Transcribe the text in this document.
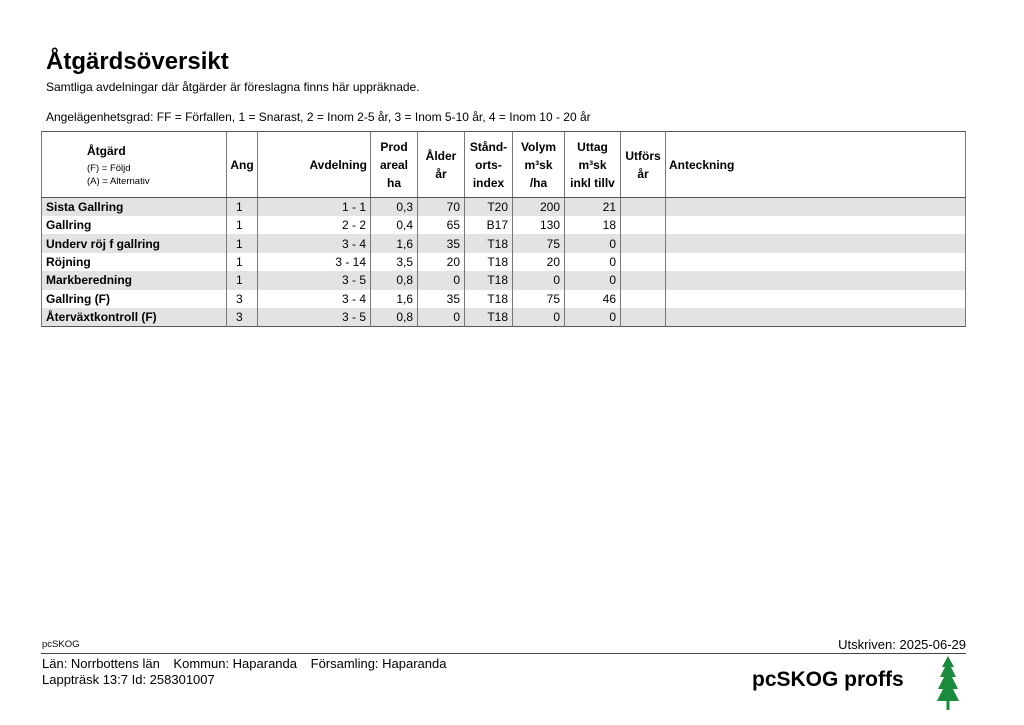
Åtgärdsöversikt
Samtliga avdelningar där åtgärder är föreslagna finns här uppräknade.
Angelägenhetsgrad: FF = Förfallen, 1 = Snarast, 2 = Inom 2-5 år, 3 = Inom 5-10 år, 4 = Inom 10 - 20 år
Åtgärd
(F) = Följd
(A) = Alternativ	Ang	Avdelning	Prod
areal
ha	Ålder
år	Stånd-
orts-
index	Volym
m³sk
/ha	Uttag
m³sk
inkl tillv	Utförs
år	Anteckning
Sista Gallring	1	1 - 1	0,3	70	T20	200	21		
Gallring	1	2 - 2	0,4	65	B17	130	18		
Underv röj f gallring	1	3 - 4	1,6	35	T18	75	0		
Röjning	1	3 - 14	3,5	20	T18	20	0		
Markberedning	1	3 - 5	0,8	0	T18	0	0		
Gallring (F)	3	3 - 4	1,6	35	T18	75	46		
Återväxtkontroll (F)	3	3 - 5	0,8	0	T18	0	0		
pcSKOG	Utskriven: 2025-06-29
Län: Norrbottens län Kommun: Haparanda Församling: Haparanda
Lappträsk 13:7 Id: 258301007	pcSKOG proffs
